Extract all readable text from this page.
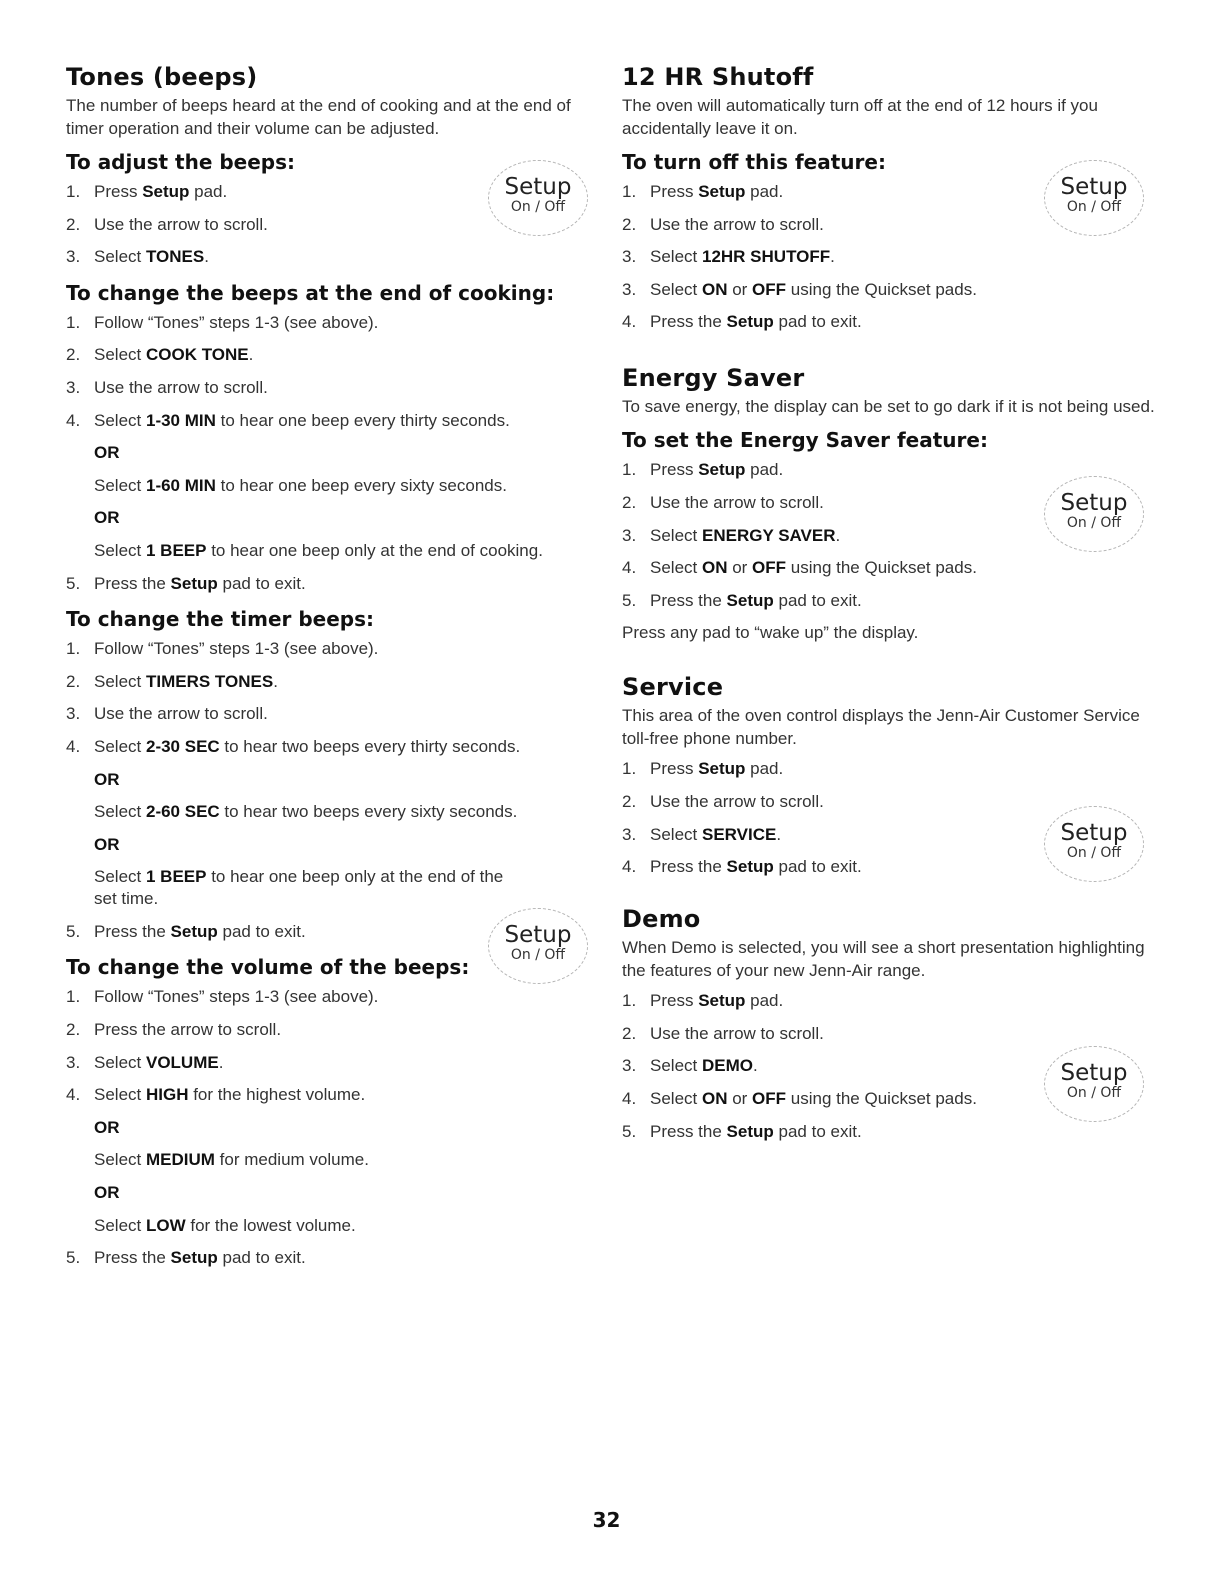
Tones (beeps)

The number of beeps heard at the end of cooking and at the end of timer operation and their volume can be adjusted.

To adjust the beeps:
1. Press Setup pad.
2. Use the arrow to scroll.
3. Select TONES.
To change the beeps at the end of cooking:
1. Follow “Tones” steps 1-3 (see above).
2. Select COOK TONE.
3. Use the arrow to scroll.
4. Select 1-30 MIN to hear one beep every thirty seconds.
OR
Select 1-60 MIN to hear one beep every sixty seconds.
OR
Select 1 BEEP to hear one beep only at the end of cooking.
5. Press the Setup pad to exit.
To change the timer beeps:
1. Follow “Tones” steps 1-3 (see above).
2. Select TIMERS TONES.
3. Use the arrow to scroll.
4. Select 2-30 SEC to hear two beeps every thirty seconds.
OR
Select 2-60 SEC to hear two beeps every sixty seconds.
OR
Select 1 BEEP to hear one beep only at the end of the set time.
5. Press the Setup pad to exit.
To change the volume of the beeps:
1. Follow “Tones” steps 1-3 (see above).
2. Press the arrow to scroll.
3. Select VOLUME.
4. Select HIGH for the highest volume.
OR
Select MEDIUM for medium volume.
OR
Select LOW for the lowest volume.
5. Press the Setup pad to exit.
12 HR Shutoff

The oven will automatically turn off at the end of 12 hours if you accidentally leave it on.

To turn off this feature:
1. Press Setup pad.
2. Use the arrow to scroll.
3. Select 12HR SHUTOFF.
3. Select ON or OFF using the Quickset pads.
4. Press the Setup pad to exit.
Energy Saver

To save energy, the display can be set to go dark if it is not being used.

To set the Energy Saver feature:
1. Press Setup pad.
2. Use the arrow to scroll.
3. Select ENERGY SAVER.
4. Select ON or OFF using the Quickset pads.
5. Press the Setup pad to exit.

Press any pad to “wake up” the display.

Service

This area of the oven control displays the Jenn-Air Customer Service toll-free phone number.

1. Press Setup pad.
2. Use the arrow to scroll.
3. Select SERVICE.
4. Press the Setup pad to exit.
Demo

When Demo is selected, you will see a short presentation highlighting the features of your new Jenn-Air range.

1. Press Setup pad.
2. Use the arrow to scroll.
3. Select DEMO.
4. Select ON or OFF using the Quickset pads.
5. Press the Setup pad to exit.
Setup
On / Off
Setup
On / Off
Setup
On / Off
Setup
On / Off
Setup
On / Off
Setup
On / Off
32
